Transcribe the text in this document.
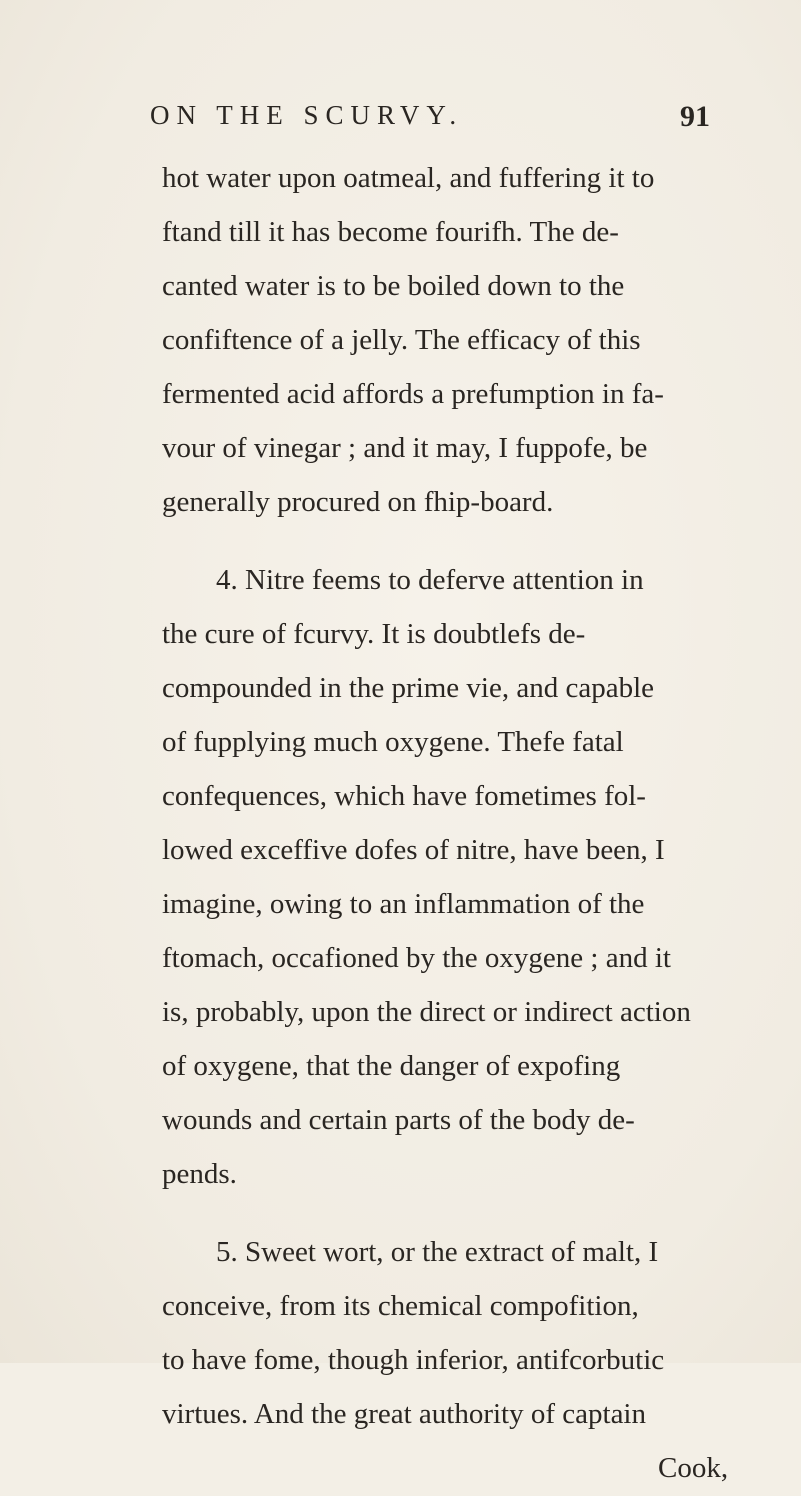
ON THE SCURVY.	91
hot water upon oatmeal, and fuffering it to
ftand till it has become fourifh. The de-
canted water is to be boiled down to the
confiftence of a jelly. The efficacy of this
fermented acid affords a prefumption in fa-
vour of vinegar ; and it may, I fuppofe, be
generally procured on fhip-board.
4. Nitre feems to deferve attention in
the cure of fcurvy. It is doubtlefs de-
compounded in the prime vie, and capable
of fupplying much oxygene. Thefe fatal
confequences, which have fometimes fol-
lowed exceffive dofes of nitre, have been, I
imagine, owing to an inflammation of the
ftomach, occafioned by the oxygene ; and it
is, probably, upon the direct or indirect action
of oxygene, that the danger of expofing
wounds and certain parts of the body de-
pends.
5. Sweet wort, or the extract of malt, I
conceive, from its chemical compofition,
to have fome, though inferior, antifcorbutic
virtues. And the great authority of captain
Cook,
